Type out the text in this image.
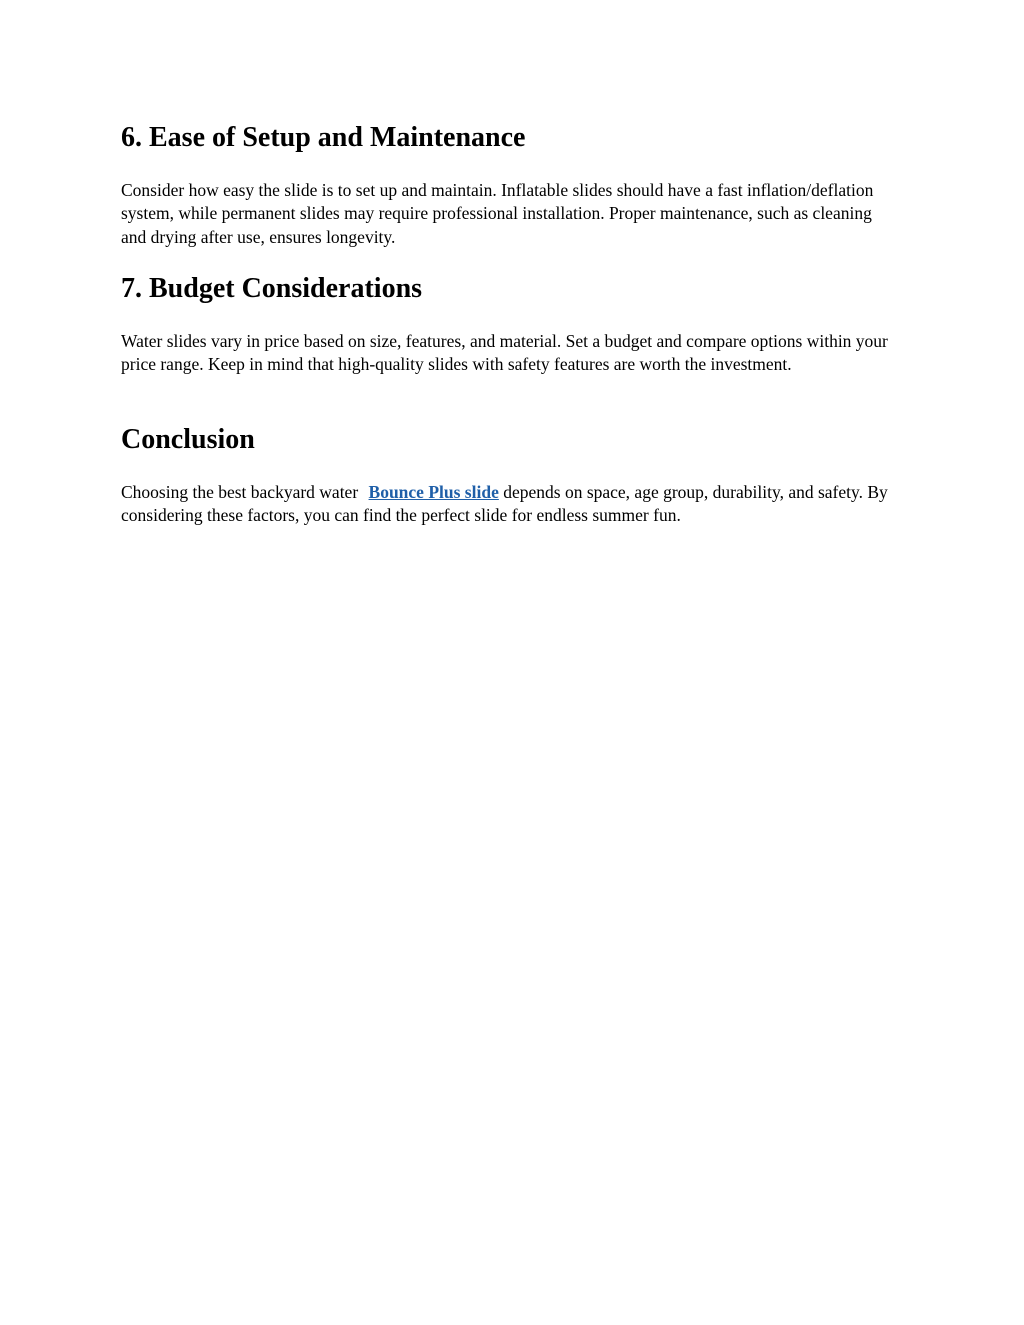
6. Ease of Setup and Maintenance

Consider how easy the slide is to set up and maintain. Inflatable slides should have a fast inflation/deflation system, while permanent slides may require professional installation. Proper maintenance, such as cleaning and drying after use, ensures longevity.

7. Budget Considerations

Water slides vary in price based on size, features, and material. Set a budget and compare options within your price range. Keep in mind that high-quality slides with safety features are worth the investment.

Conclusion

Choosing the best backyard water Bounce Plus slide depends on space, age group, durability, and safety. By considering these factors, you can find the perfect slide for endless summer fun.
